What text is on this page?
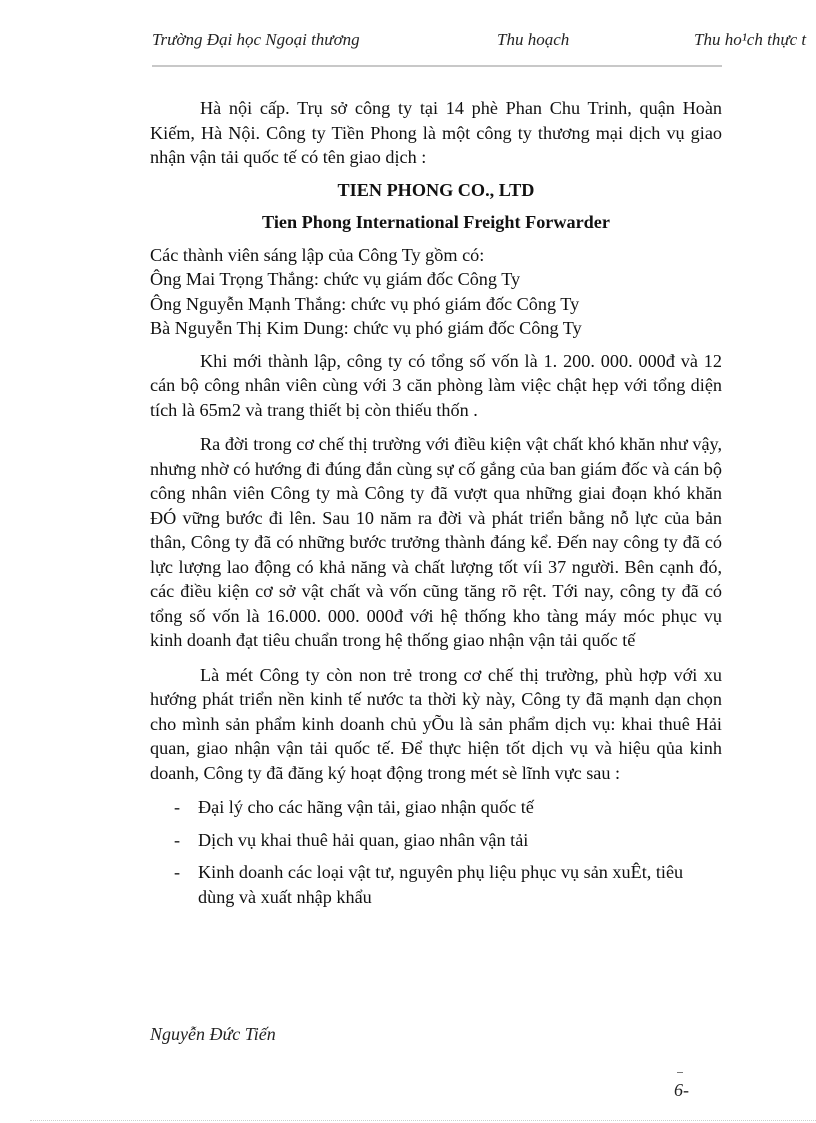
Trường Đại học Ngoại thương	Thu hoạch	Thu ho¹ch thực t

Hà nội cấp. Trụ sở công ty tại 14 phè Phan Chu Trinh, quận Hoàn Kiếm, Hà Nội. Công ty Tiền Phong là một công ty thương mại dịch vụ giao nhận vận tải quốc tế có tên giao dịch :

TIEN PHONG CO., LTD

Tien Phong International Freight Forwarder

Các thành viên sáng lập của Công Ty gồm có:

Ông Mai Trọng Thắng: chức vụ giám đốc Công Ty

Ông Nguyễn Mạnh Thắng: chức vụ phó giám đốc Công Ty

Bà Nguyễn Thị Kim Dung: chức vụ phó giám đốc Công Ty

Khi mới thành lập, công ty có tổng số vốn là 1. 200. 000. 000đ và 12 cán bộ công nhân viên cùng với 3 căn phòng làm việc chật hẹp với tổng diện tích là 65m2 và trang thiết bị còn thiếu thốn .

Ra đời trong cơ chế thị trường với điều kiện vật chất khó khăn như vậy, nhưng nhờ có hướng đi đúng đắn cùng sự cố gắng của ban giám đốc và cán bộ công nhân viên Công ty mà Công ty đã vượt qua những giai đoạn khó khăn ĐÓ vững bước đi lên. Sau 10 năm ra đời và phát triển bằng nỗ lực của bản thân, Công ty đã có những bước trưởng thành đáng kể. Đến nay công ty đã có lực lượng lao động có khả năng và chất lượng tốt víi 37 người. Bên cạnh đó, các điều kiện cơ sở vật chất và vốn cũng tăng rõ rệt. Tới nay, công ty đã có tổng số vốn là 16.000. 000. 000đ với hệ thống kho tàng máy móc phục vụ kinh doanh đạt tiêu chuẩn trong hệ thống giao nhận vận tải quốc tế

Là mét Công ty còn non trẻ trong cơ chế thị trường, phù hợp với xu hướng phát triển nền kinh tế nước ta thời kỳ này, Công ty đã mạnh dạn chọn cho mình sản phẩm kinh doanh chủ yÕu là sản phẩm dịch vụ: khai thuê Hải quan, giao nhận vận tải quốc tế. Để thực hiện tốt dịch vụ và hiệu qủa kinh doanh, Công ty đã đăng ký hoạt động trong mét sè lĩnh vực sau :

- Đại lý cho các hãng vận tải, giao nhận quốc tế
- Dịch vụ khai thuê hải quan, giao nhân vận tải
- Kinh doanh các loại vật tư, nguyên phụ liệu phục vụ sản xuÊt, tiêu dùng và xuất nhập khẩu
Nguyễn Đức Tiến
6-
